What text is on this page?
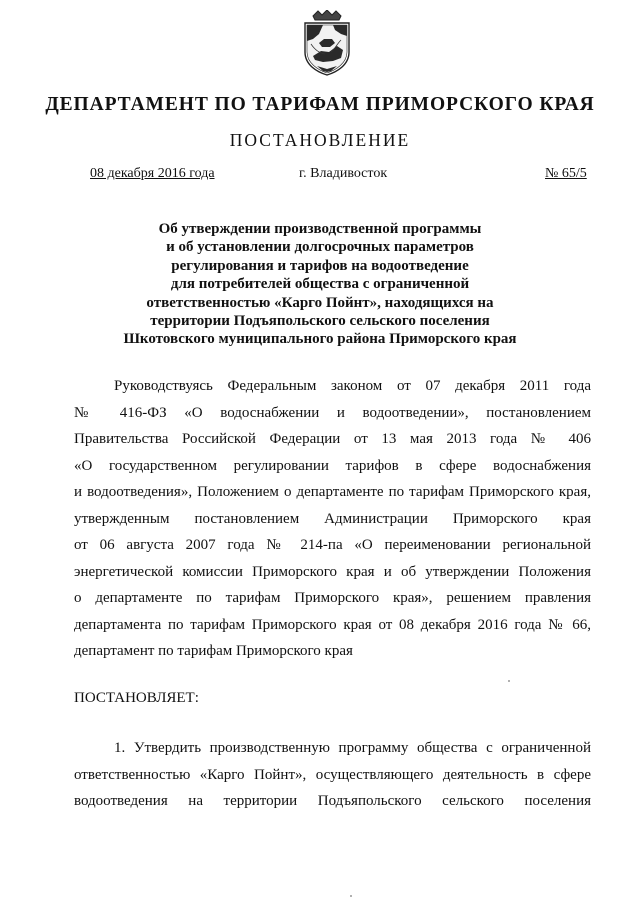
ДЕПАРТАМЕНТ ПО ТАРИФАМ ПРИМОРСКОГО КРАЯ
ПОСТАНОВЛЕНИЕ
08 декабря 2016 года	г. Владивосток	№ 65/5
Об утверждении производственной программы
и об установлении долгосрочных параметров
регулирования и тарифов на водоотведение
для потребителей общества с ограниченной
ответственностью «Карго Пойнт», находящихся на
территории Подъяпольского сельского поселения
Шкотовского муниципального района Приморского края
Руководствуясь Федеральным законом от 07 декабря 2011 года
№ 416-ФЗ «О водоснабжении и водоотведении», постановлением
Правительства Российской Федерации от 13 мая 2013 года № 406
«О государственном регулировании тарифов в сфере водоснабжения
и водоотведения», Положением о департаменте по тарифам Приморского края,
утвержденным постановлением Администрации Приморского края
от 06 августа 2007 года № 214-па «О переименовании региональной
энергетической комиссии Приморского края и об утверждении Положения
о департаменте по тарифам Приморского края», решением правления
департамента по тарифам Приморского края от 08 декабря 2016 года № 66,
департамент по тарифам Приморского края
ПОСТАНОВЛЯЕТ:
1. Утвердить производственную программу общества с ограниченной
ответственностью «Карго Пойнт», осуществляющего деятельность в сфере
водоотведения на территории Подъяпольского сельского поселения
